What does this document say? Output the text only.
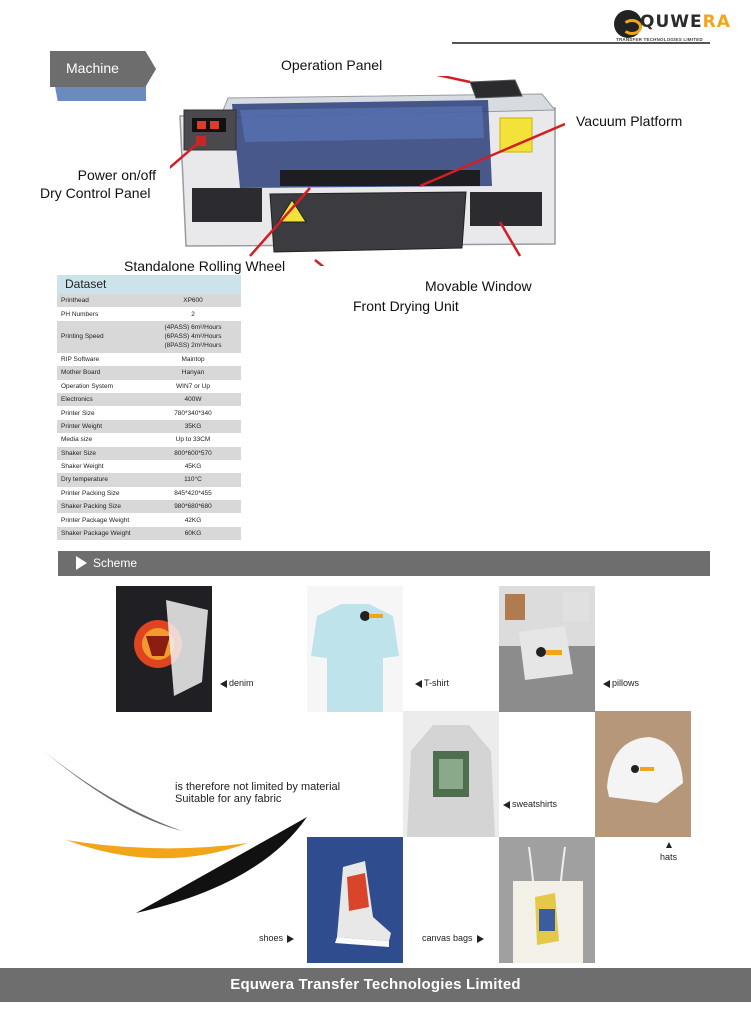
QUWERA
TRANSFER TECHNOLOGIES LIMITED
Machine	Operation Panel
Vacuum Platform
Power on/off
Dry Control Panel
Standalone Rolling Wheel
Movable Window
Front Drying Unit
Dataset
Printhead	XP600
PH Numbers	2
Printing Speed	(4PASS) 6m²/Hours
(6PASS) 4m²/Hours
(8PASS) 2m²/Hours

RIP Software	Maintop
Mother Board	Hanyan
Operation System	WIN7 or Up
Electronics	400W
Printer Size	780*340*340
Printer Weight	35KG
Media size	Up to 33CM
Shaker Size	800*600*570
Shaker Weight	45KG
Dry temperature	110°C
Printer Packing Size	845*420*455
Shaker Packing Size	980*680*680
Printer Package Weight	42KG
Shaker Package Weight	60KG
Scheme
denim	T-shirt	pillows
sweatshirts
hats
shoes	canvas bags
is therefore not limited by material
Suitable for any fabric
Equwera Transfer Technologies Limited
